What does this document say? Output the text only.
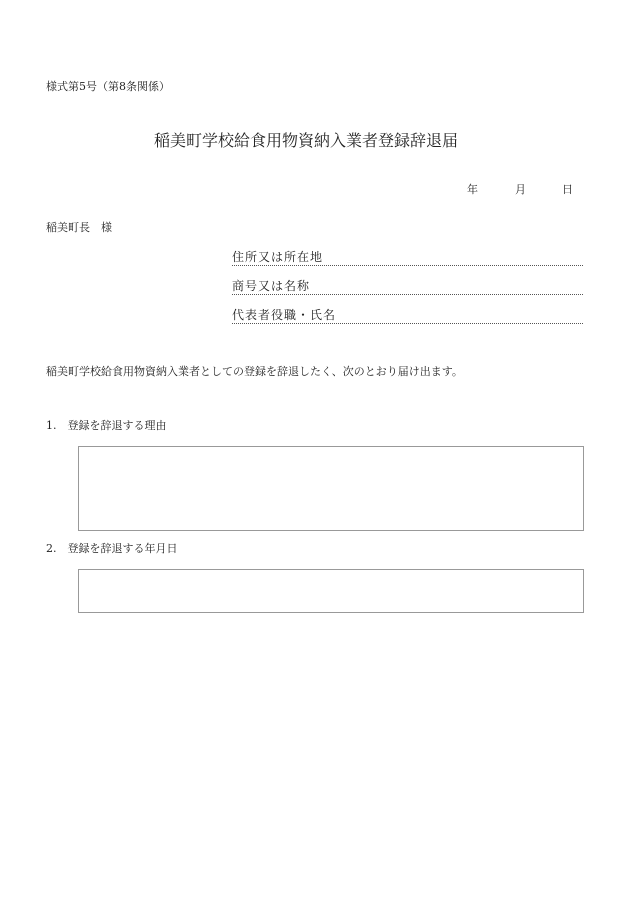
様式第5号（第8条関係）
稲美町学校給食用物資納入業者登録辞退届
年	月	日
稲美町長　様
住所又は所在地
商号又は名称
代表者役職・氏名
稲美町学校給食用物資納入業者としての登録を辞退したく、次のとおり届け出ます。
1.　登録を辞退する理由
2.　登録を辞退する年月日
